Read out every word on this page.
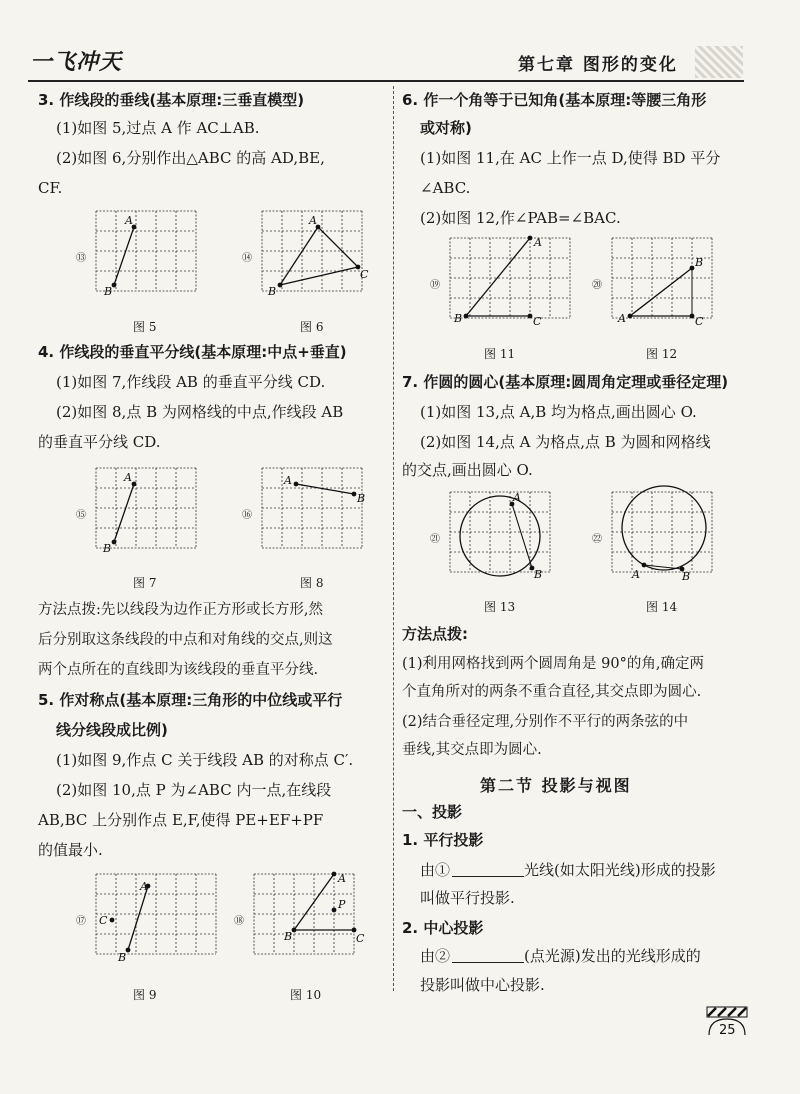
一飞冲天	第七章 图形的变化
3. 作线段的垂线(基本原理:三垂直模型)
(1)如图 5,过点 A 作 AC⊥AB.
(2)如图 6,分别作出△ABC 的高 AD,BE,
CF.
⑬
A
B
图 5
⑭
A
B
C
图 6
4. 作线段的垂直平分线(基本原理:中点+垂直)
(1)如图 7,作线段 AB 的垂直平分线 CD.
(2)如图 8,点 B 为网格线的中点,作线段 AB
的垂直平分线 CD.
⑮
A
B
图 7
⑯
A
B
图 8
方法点拨:先以线段为边作正方形或长方形,然
后分别取这条线段的中点和对角线的交点,则这
两个点所在的直线即为该线段的垂直平分线.
5. 作对称点(基本原理:三角形的中位线或平行
线分线段成比例)
(1)如图 9,作点 C 关于线段 AB 的对称点 C′.
(2)如图 10,点 P 为∠ABC 内一点,在线段
AB,BC 上分别作点 E,F,使得 PE+EF+PF
的值最小.
⑰
A
C
B
图 9
⑱
A
P
B	C
图 10
6. 作一个角等于已知角(基本原理:等腰三角形
或对称)
(1)如图 11,在 AC 上作一点 D,使得 BD 平分
∠ABC.
(2)如图 12,作∠PAB=∠BAC.
⑲
A
B	C
图 11
⑳
B
A	C
图 12
7. 作圆的圆心(基本原理:圆周角定理或垂径定理)
(1)如图 13,点 A,B 均为格点,画出圆心 O.
(2)如图 14,点 A 为格点,点 B 为圆和网格线
的交点,画出圆心 O.
㉑
A
B
图 13
㉒
A	B
图 14
方法点拨:
(1)利用网格找到两个圆周角是 90°的角,确定两
个直角所对的两条不重合直径,其交点即为圆心.
(2)结合垂径定理,分别作不平行的两条弦的中
垂线,其交点即为圆心.
第二节 投影与视图
一、投影
1. 平行投影
由①	光线(如太阳光线)形成的投影
叫做平行投影.
2. 中心投影
由②	(点光源)发出的光线形成的
投影叫做中心投影.
25
